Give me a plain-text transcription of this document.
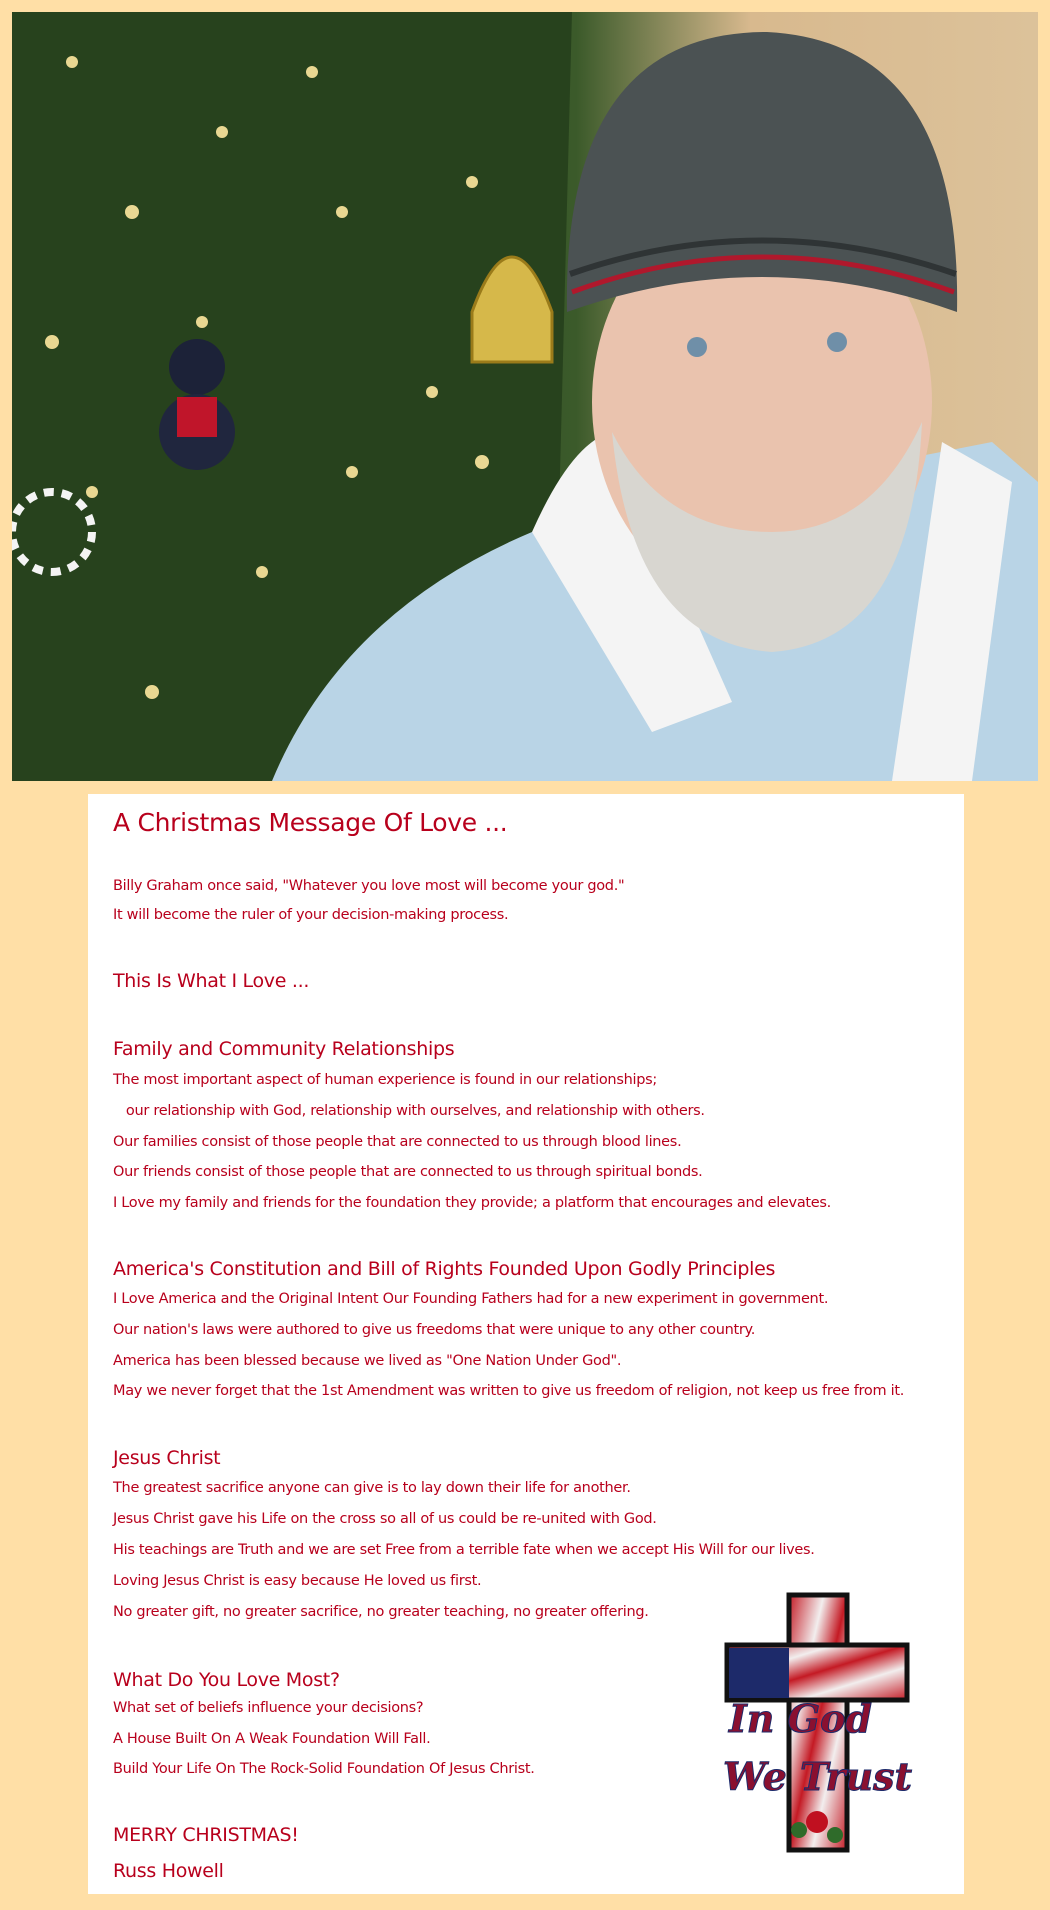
A Christmas Message Of Love ...
Billy Graham once said, "Whatever you love most will become your god."
It will become the ruler of your decision-making process.
This Is What I Love ...
Family and Community Relationships
The most important aspect of human experience is found in our relationships;
our relationship with God, relationship with ourselves, and relationship with others.
Our families consist of those people that are connected to us through blood lines.
Our friends consist of those people that are connected to us through spiritual bonds.
I Love my family and friends for the foundation they provide; a platform that encourages and elevates.
America's Constitution and Bill of Rights Founded Upon Godly Principles
I Love America and the Original Intent Our Founding Fathers had for a new experiment in government.
Our nation's laws were authored to give us freedoms that were unique to any other country.
America has been blessed because we lived as "One Nation Under God".
May we never forget that the 1st Amendment was written to give us freedom of religion, not keep us free from it.
Jesus Christ
The greatest sacrifice anyone can give is to lay down their life for another.
Jesus Christ gave his Life on the cross so all of us could be re-united with God.
His teachings are Truth and we are set Free from a terrible fate when we accept His Will for our lives.
Loving Jesus Christ is easy because He loved us first.
No greater gift, no greater sacrifice, no greater teaching, no greater offering.
What Do You Love Most?
What set of beliefs influence your decisions?
A House Built On A Weak Foundation Will Fall.
Build Your Life On The Rock-Solid Foundation Of Jesus Christ.
MERRY CHRISTMAS!
Russ Howell
In God
We Trust
